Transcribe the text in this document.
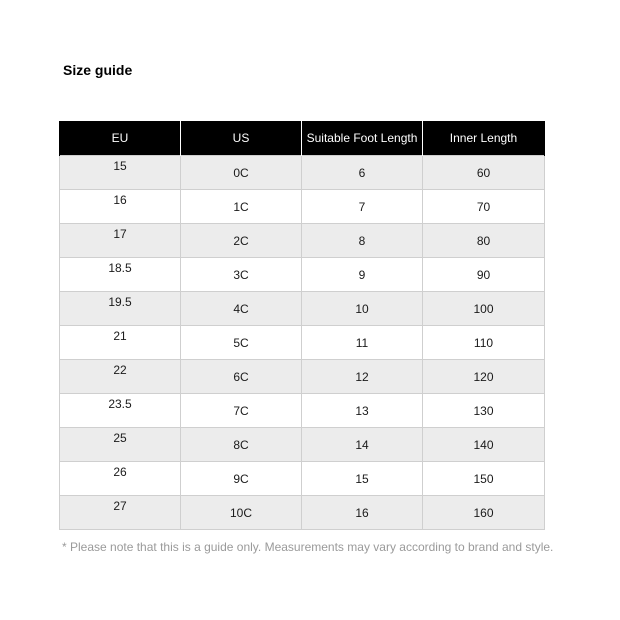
Size guide
EU	US	Suitable Foot Length	Inner Length
15	0C	6	60
16	1C	7	70
17	2C	8	80
18.5	3C	9	90
19.5	4C	10	100
21	5C	11	110
22	6C	12	120
23.5	7C	13	130
25	8C	14	140
26	9C	15	150
27	10C	16	160
* Please note that this is a guide only. Measurements may vary according to brand and style.
